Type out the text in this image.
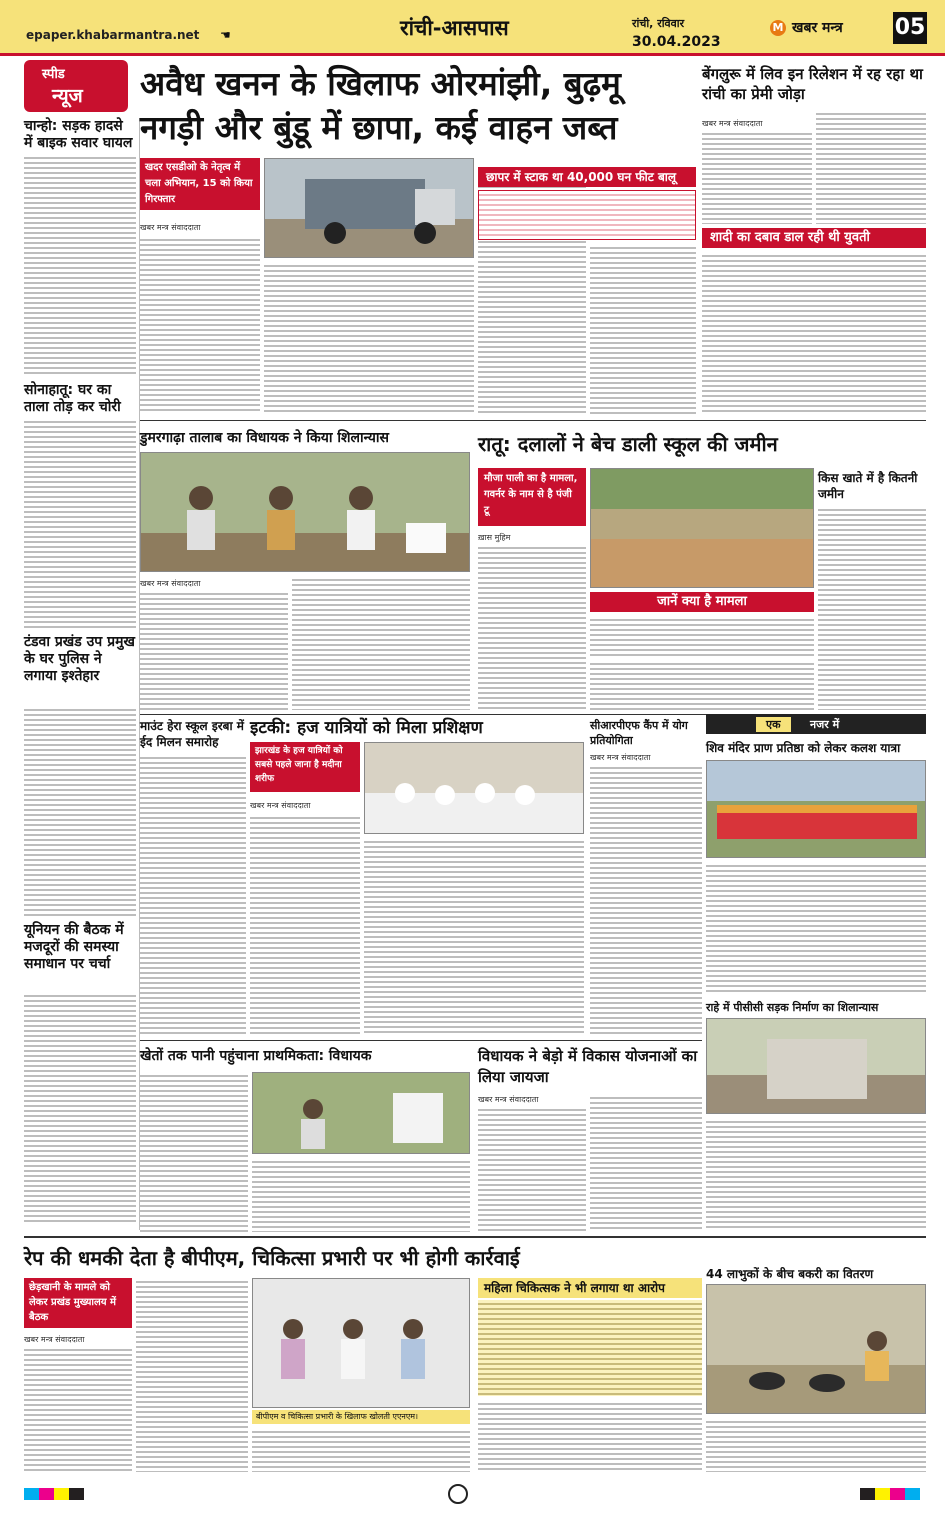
epaper.khabarmantra.net ☚	रांची-आसपास	रांची, रविवार
30.04.2023
M खबर मन्त्र 05
स्पीड
न्यूज
चान्हो: सड़क हादसे में बाइक सवार घायल
सोनाहातू: घर का ताला तोड़ कर चोरी
टंडवा प्रखंड उप प्रमुख के घर पुलिस ने लगाया इश्तेहार
यूनियन की बैठक में मजदूरों की समस्या समाधान पर चर्चा
अवैध खनन के खिलाफ ओरमांझी, बुढ़मू नगड़ी और बुंडू में छापा, कई वाहन जब्त
खदर एसडीओ के नेतृत्व में चला अभियान, 15 को किया गिरफ्तार
खबर मन्त्र संवाददाता
छापर में स्टाक था 40,000 घन फीट बालू
बेंगलुरू में लिव इन रिलेशन में रह रहा था रांची का प्रेमी जोड़ा
खबर मन्त्र संवाददाता
शादी का दबाव डाल रही थी युवती
डुमरगाढ़ा तालाब का विधायक ने किया शिलान्यास
खबर मन्त्र संवाददाता
रातू: दलालों ने बेच डाली स्कूल की जमीन
मौजा पाली का है मामला, गवर्नर के नाम से है पंजी टू
ख़ास मुहिम
जानें क्या है मामला
किस खाते में है कितनी जमीन
माउंट हेरा स्कूल इरबा में ईद मिलन समारोह
इटकी: हज यात्रियों को मिला प्रशिक्षण
झारखंड के हज यात्रियों को सबसे पहले जाना है मदीना शरीफ
खबर मन्त्र संवाददाता
सीआरपीएफ कैंप में योग प्रतियोगिता
खबर मन्त्र संवाददाता
एक	नजर में
शिव मंदिर प्राण प्रतिष्ठा को लेकर कलश यात्रा
राहे में पीसीसी सड़क निर्माण का शिलान्यास
खेतों तक पानी पहुंचाना प्राथमिकता: विधायक	विधायक ने बेड़ो में विकास योजनाओं का लिया जायजा
खबर मन्त्र संवाददाता
रेप की धमकी देता है बीपीएम, चिकित्सा प्रभारी पर भी होगी कार्रवाई
छेड़खानी के मामले को लेकर प्रखंड मुख्यालय में बैठक
खबर मन्त्र संवाददाता
बीपीएम व चिकित्सा प्रभारी के खिलाफ खोलती एएनएम।
महिला चिकित्सक ने भी लगाया था आरोप
44 लाभुकों के बीच बकरी का वितरण
